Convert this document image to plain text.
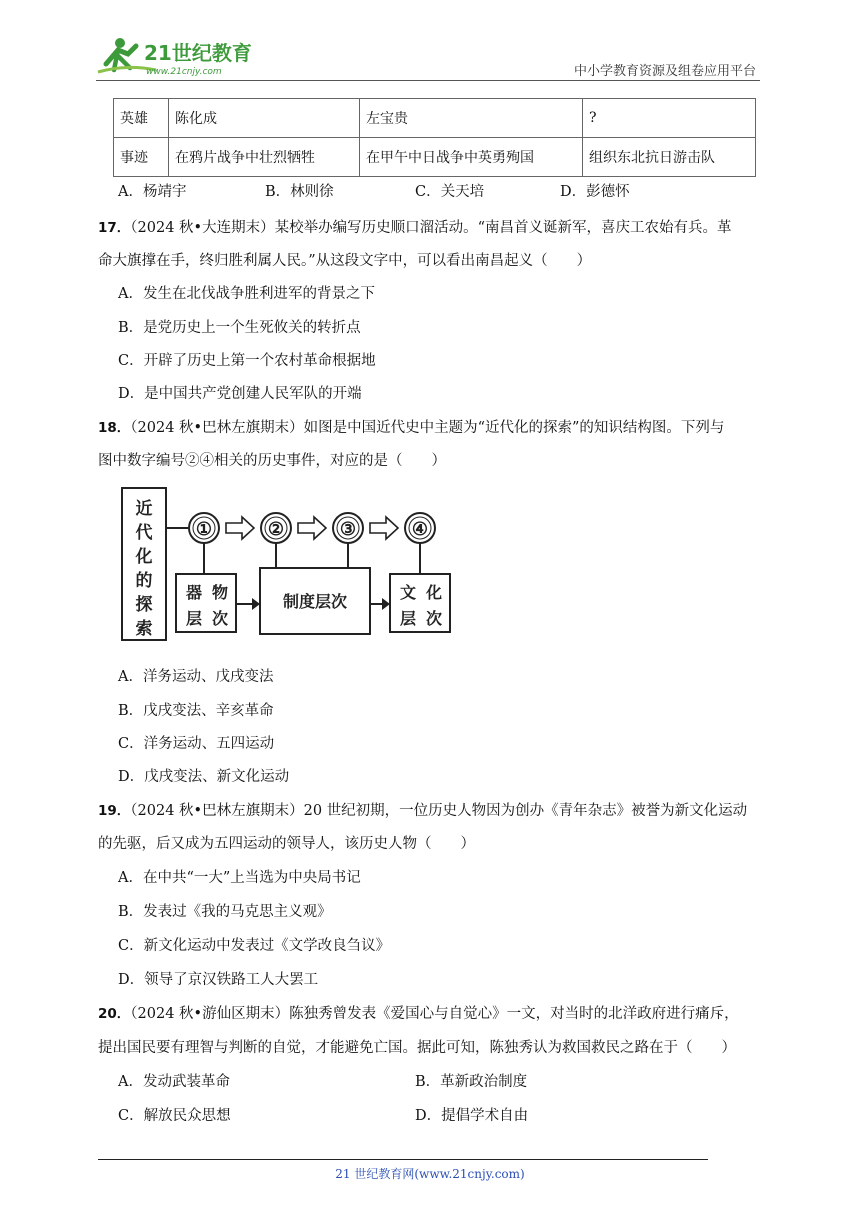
21世纪教育
www.21cnjy.com	中小学教育资源及组卷应用平台
英雄	陈化成	左宝贵	?
事迹	在鸦片战争中壮烈牺牲	在甲午中日战争中英勇殉国	组织东北抗日游击队
A．杨靖宇	B．林则徐	C．关天培	D．彭德怀
17．（2024 秋•大连期末）某校举办编写历史顺口溜活动。“南昌首义诞新军，喜庆工农始有兵。革
命大旗撑在手，终归胜利属人民。”从这段文字中，可以看出南昌起义（　　）
A．发生在北伐战争胜利进军的背景之下
B．是党历史上一个生死攸关的转折点
C．开辟了历史上第一个农村革命根据地
D．是中国共产党创建人民军队的开端
18．（2024 秋•巴林左旗期末）如图是中国近代史中主题为“近代化的探索”的知识结构图。下列与
图中数字编号②④相关的历史事件，对应的是（　　）
近
代
化
的
探
索
①	②	③	④
器 物
层 次
制度层次	文 化
层 次
A．洋务运动、戊戌变法
B．戊戌变法、辛亥革命
C．洋务运动、五四运动
D．戊戌变法、新文化运动
19．（2024 秋•巴林左旗期末）20 世纪初期，一位历史人物因为创办《青年杂志》被誉为新文化运动
的先驱，后又成为五四运动的领导人，该历史人物（　　）
A．在中共“一大”上当选为中央局书记
B．发表过《我的马克思主义观》
C．新文化运动中发表过《文学改良刍议》
D．领导了京汉铁路工人大罢工
20．（2024 秋•游仙区期末）陈独秀曾发表《爱国心与自觉心》一文，对当时的北洋政府进行痛斥，
提出国民要有理智与判断的自觉，才能避免亡国。据此可知，陈独秀认为救国救民之路在于（　　）
A．发动武装革命	B．革新政治制度
C．解放民众思想	D．提倡学术自由
21 世纪教育网(www.21cnjy.com)
